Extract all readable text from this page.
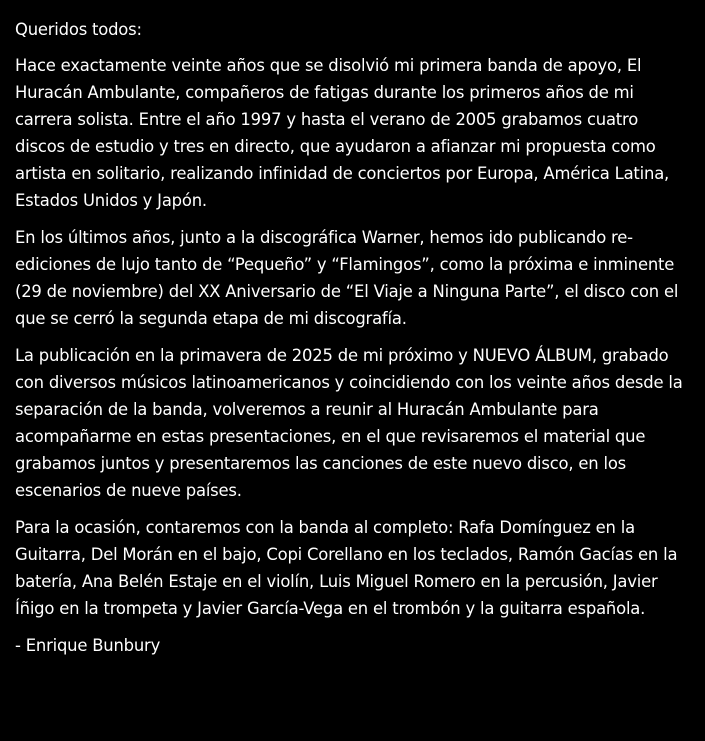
Queridos todos:

Hace exactamente veinte años que se disolvió mi primera banda de apoyo, El Huracán Ambulante, compañeros de fatigas durante los primeros años de mi carrera solista. Entre el año 1997 y hasta el verano de 2005 grabamos cuatro discos de estudio y tres en directo, que ayudaron a afianzar mi propuesta como artista en solitario, realizando infinidad de conciertos por Europa, América Latina, Estados Unidos y Japón.

En los últimos años, junto a la discográfica Warner, hemos ido publicando re-ediciones de lujo tanto de “Pequeño” y “Flamingos”, como la próxima e inminente (29 de noviembre) del XX Aniversario de “El Viaje a Ninguna Parte”, el disco con el que se cerró la segunda etapa de mi discografía.

La publicación en la primavera de 2025 de mi próximo y NUEVO ÁLBUM, grabado con diversos músicos latinoamericanos y coincidiendo con los veinte años desde la separación de la banda, volveremos a reunir al Huracán Ambulante para acompañarme en estas presentaciones, en el que revisaremos el material que grabamos juntos y presentaremos las canciones de este nuevo disco, en los escenarios de nueve países.

Para la ocasión, contaremos con la banda al completo: Rafa Domínguez en la Guitarra, Del Morán en el bajo, Copi Corellano en los teclados, Ramón Gacías en la batería, Ana Belén Estaje en el violín, Luis Miguel Romero en la percusión, Javier Íñigo en la trompeta y Javier García-Vega en el trombón y la guitarra española.

- Enrique Bunbury
